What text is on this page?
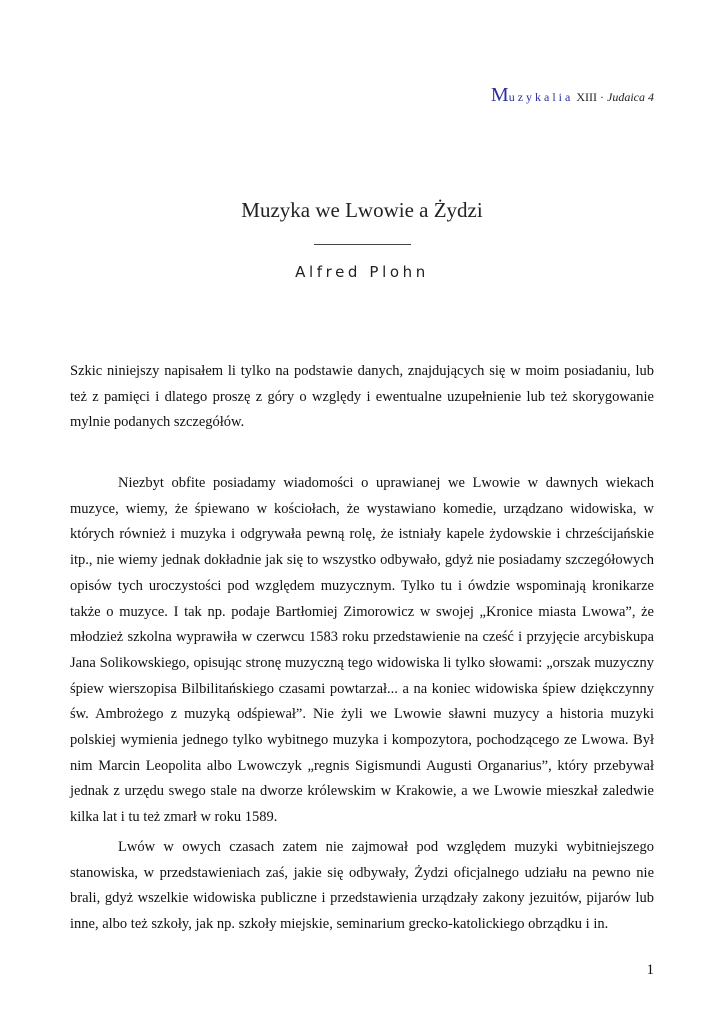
Muzykalia XIII · Judaica 4
Muzyka we Lwowie a Żydzi
Alfred Plohn

Szkic niniejszy napisałem li tylko na podstawie danych, znajdujących się w moim posiadaniu, lub też z pamięci i dlatego proszę z góry o względy i ewentualne uzupełnienie lub też skorygowanie mylnie podanych szczegółów.

Niezbyt obfite posiadamy wiadomości o uprawianej we Lwowie w dawnych wiekach muzyce, wiemy, że śpiewano w kościołach, że wystawiano komedie, urządzano widowiska, w których również i muzyka i odgrywała pewną rolę, że istniały kapele żydowskie i chrześcijańskie itp., nie wiemy jednak dokładnie jak się to wszystko odbywało, gdyż nie posiadamy szczegółowych opisów tych uroczystości pod względem muzycznym. Tylko tu i ówdzie wspominają kronikarze także o muzyce. I tak np. podaje Bartłomiej Zimorowicz w swojej „Kronice miasta Lwowa”, że młodzież szkolna wyprawiła w czerwcu 1583 roku przedstawienie na cześć i przyjęcie arcybiskupa Jana Solikowskiego, opisując stronę muzyczną tego widowiska li tylko słowami: „orszak muzyczny śpiew wierszopisa Bilbilitańskiego czasami powtarzał... a na koniec widowiska śpiew dziękczynny św. Ambrożego z muzyką odśpiewał”. Nie żyli we Lwowie sławni muzycy a historia muzyki polskiej wymienia jednego tylko wybitnego muzyka i kompozytora, pochodzącego ze Lwowa. Był nim Marcin Leopolita albo Lwowczyk „regnis Sigismundi Augusti Organarius”, który przebywał jednak z urzędu swego stale na dworze królewskim w Krakowie, a we Lwowie mieszkał zaledwie kilka lat i tu też zmarł w roku 1589.

Lwów w owych czasach zatem nie zajmował pod względem muzyki wybitniejszego stanowiska, w przedstawieniach zaś, jakie się odbywały, Żydzi oficjalnego udziału na pewno nie brali, gdyż wszelkie widowiska publiczne i przedstawienia urządzały zakony jezuitów, pijarów lub inne, albo też szkoły, jak np. szkoły miejskie, seminarium grecko-katolickiego obrządku i in.

1
